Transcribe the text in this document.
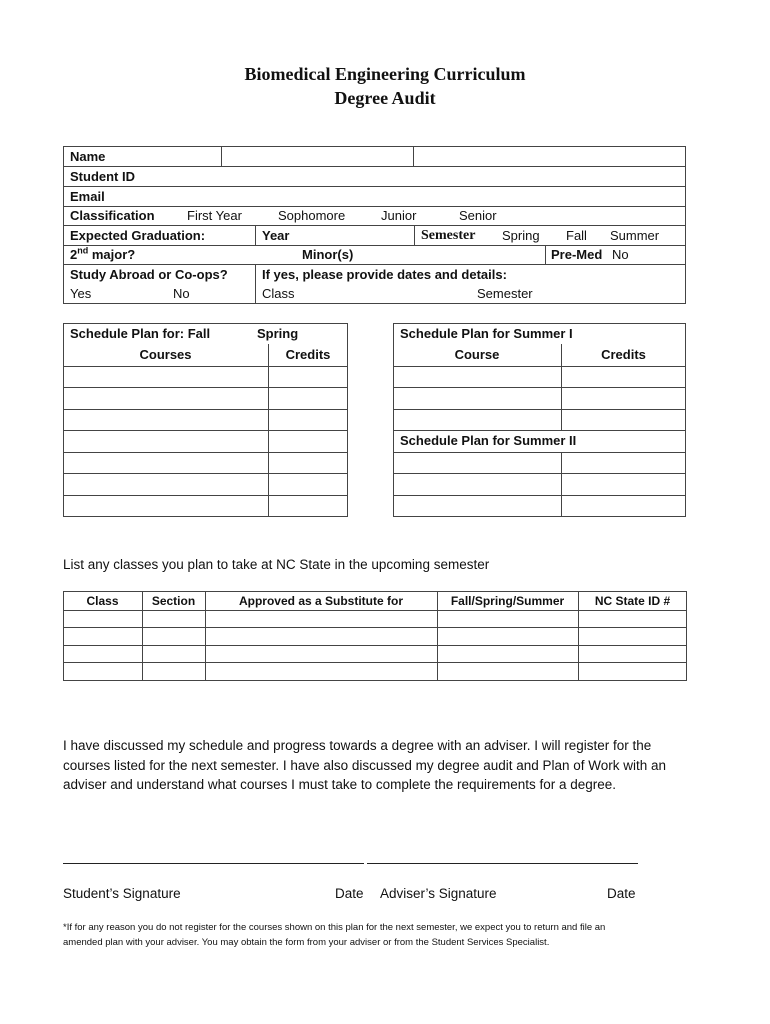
Biomedical Engineering Curriculum
Degree Audit
Name
Student ID
Email
Classification First Year	Sophomore	Junior	Senior
Expected Graduation:	Year	Semester Spring Fall Summer
2nd major?	Minor(s)	Pre-Med No
Study Abroad or Co-ops?	If yes, please provide dates and details:
Yes	No	Class	Semester
Schedule Plan for: Fall	Spring
Courses	Credits
Schedule Plan for Summer I
Course	Credits
Schedule Plan for Summer II
List any classes you plan to take at NC State in the upcoming semester
Class	Section	Approved as a Substitute for	Fall/Spring/Summer	NC State ID #
I have discussed my schedule and progress towards a degree with an adviser. I will register for the
courses listed for the next semester. I have also discussed my degree audit and Plan of Work with an
adviser and understand what courses I must take to complete the requirements for a degree.
Student’s Signature	Date Adviser’s Signature	Date
*If for any reason you do not register for the courses shown on this plan for the next semester, we expect you to return and file an
amended plan with your adviser. You may obtain the form from your adviser or from the Student Services Specialist.
